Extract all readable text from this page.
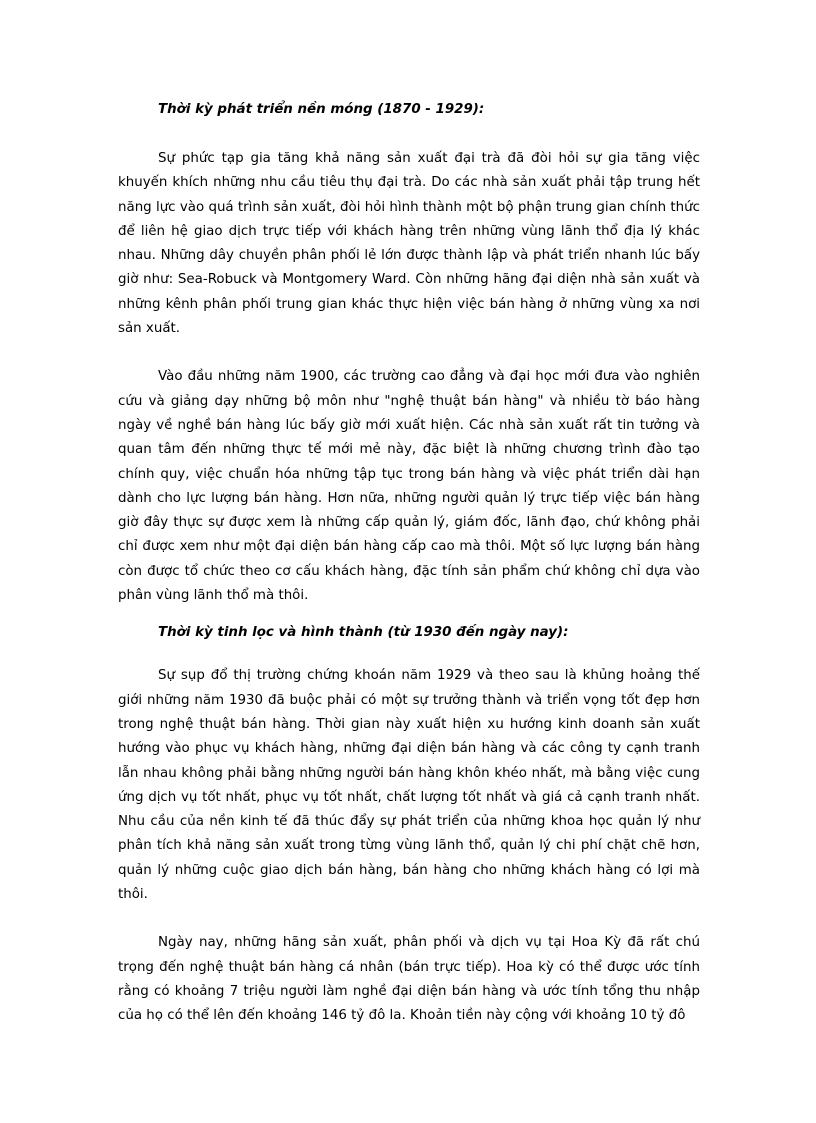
Thời kỳ phát triển nền móng (1870 - 1929):

Sự phức tạp gia tăng khả năng sản xuất đại trà đã đòi hỏi sự gia tăng việc khuyến khích những nhu cầu tiêu thụ đại trà. Do các nhà sản xuất phải tập trung hết năng lực vào quá trình sản xuất, đòi hỏi hình thành một bộ phận trung gian chính thức để liên hệ giao dịch trực tiếp với khách hàng trên những vùng lãnh thổ địa lý khác nhau. Những dây chuyền phân phối lẻ lớn được thành lập và phát triển nhanh lúc bấy giờ như: Sea-Robuck và Montgomery Ward. Còn những hãng đại diện nhà sản xuất và những kênh phân phối trung gian khác thực hiện việc bán hàng ở những vùng xa nơi sản xuất.

Vào đầu những năm 1900, các trường cao đẳng và đại học mới đưa vào nghiên cứu và giảng dạy những bộ môn như "nghệ thuật bán hàng" và nhiều tờ báo hàng ngày về nghề bán hàng lúc bấy giờ mới xuất hiện. Các nhà sản xuất rất tin tưởng và quan tâm đến những thực tế mới mẻ này, đặc biệt là những chương trình đào tạo chính quy, việc chuẩn hóa những tập tục trong bán hàng và việc phát triển dài hạn dành cho lực lượng bán hàng. Hơn nữa, những người quản lý trực tiếp việc bán hàng giờ đây thực sự được xem là những cấp quản lý, giám đốc, lãnh đạo, chứ không phải chỉ được xem như một đại diện bán hàng cấp cao mà thôi. Một số lực lượng bán hàng còn được tổ chức theo cơ cấu khách hàng, đặc tính sản phẩm chứ không chỉ dựa vào phân vùng lãnh thổ mà thôi.

Thời kỳ tinh lọc và hình thành (từ 1930 đến ngày nay):

Sự sụp đổ thị trường chứng khoán năm 1929 và theo sau là khủng hoảng thế giới những năm 1930 đã buộc phải có một sự trưởng thành và triển vọng tốt đẹp hơn trong nghệ thuật bán hàng. Thời gian này xuất hiện xu hướng kinh doanh sản xuất hướng vào phục vụ khách hàng, những đại diện bán hàng và các công ty cạnh tranh lẫn nhau không phải bằng những người bán hàng khôn khéo nhất, mà bằng việc cung ứng dịch vụ tốt nhất, phục vụ tốt nhất, chất lượng tốt nhất và giá cả cạnh tranh nhất. Nhu cầu của nền kinh tế đã thúc đẩy sự phát triển của những khoa học quản lý như phân tích khả năng sản xuất trong từng vùng lãnh thổ, quản lý chi phí chặt chẽ hơn, quản lý những cuộc giao dịch bán hàng, bán hàng cho những khách hàng có lợi mà thôi.

Ngày nay, những hãng sản xuất, phân phối và dịch vụ tại Hoa Kỳ đã rất chú trọng đến nghệ thuật bán hàng cá nhân (bán trực tiếp). Hoa kỳ có thể được ước tính rằng có khoảng 7 triệu người làm nghề đại diện bán hàng và ước tính tổng thu nhập của họ có thể lên đến khoảng 146 tỷ đô la. Khoản tiền này cộng với khoảng 10 tỷ đô
